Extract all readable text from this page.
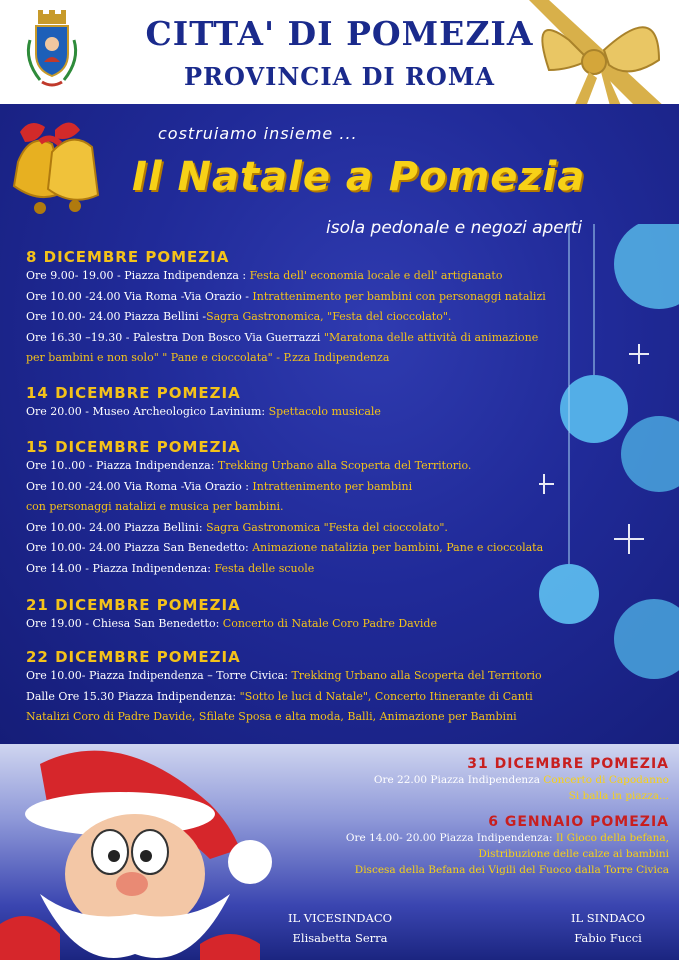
CITTA' DI POMEZIA
PROVINCIA DI ROMA
costruiamo insieme ...
Il Natale a Pomezia
isola pedonale e negozi aperti
8 DICEMBRE POMEZIA
Ore 9.00- 19.00 - Piazza Indipendenza : Festa dell' economia locale e dell' artigianato
Ore 10.00 -24.00 Via Roma -Via Orazio - Intrattenimento per bambini con personaggi natalizi
Ore 10.00- 24.00 Piazza Bellini -Sagra Gastronomica, "Festa del cioccolato".
Ore 16.30 –19.30 - Palestra Don Bosco Via Guerrazzi "Maratona delle attività di animazione
per bambini e non solo" " Pane e cioccolata" - P.zza Indipendenza
14 DICEMBRE POMEZIA
Ore 20.00 - Museo Archeologico Lavinium: Spettacolo musicale
15 DICEMBRE POMEZIA
Ore 10..00 - Piazza Indipendenza: Trekking Urbano alla Scoperta del Territorio.
Ore 10.00 -24.00 Via Roma -Via Orazio : Intrattenimento per bambini
con personaggi natalizi e musica per bambini.
Ore 10.00- 24.00 Piazza Bellini: Sagra Gastronomica "Festa del cioccolato".
Ore 10.00- 24.00 Piazza San Benedetto: Animazione natalizia per bambini, Pane e cioccolata
Ore 14.00 - Piazza Indipendenza: Festa delle scuole
21 DICEMBRE POMEZIA
Ore 19.00 - Chiesa San Benedetto: Concerto di Natale Coro Padre Davide
22 DICEMBRE POMEZIA
Ore 10.00- Piazza Indipendenza – Torre Civica: Trekking Urbano alla Scoperta del Territorio
Dalle Ore 15.30 Piazza Indipendenza: "Sotto le luci d Natale", Concerto Itinerante di Canti
Natalizi Coro di Padre Davide, Sfilate Sposa e alta moda, Balli, Animazione per Bambini
31 DICEMBRE POMEZIA
Ore 22.00 Piazza Indipendenza Concerto di Capodanno
Si balla in piazza...
6 GENNAIO POMEZIA
Ore 14.00- 20.00 Piazza Indipendenza: Il Gioco della befana,
Distribuzione delle calze ai bambini
Discesa della Befana dei Vigili del Fuoco dalla Torre Civica
IL VICESINDACO
Elisabetta Serra
IL SINDACO
Fabio Fucci
